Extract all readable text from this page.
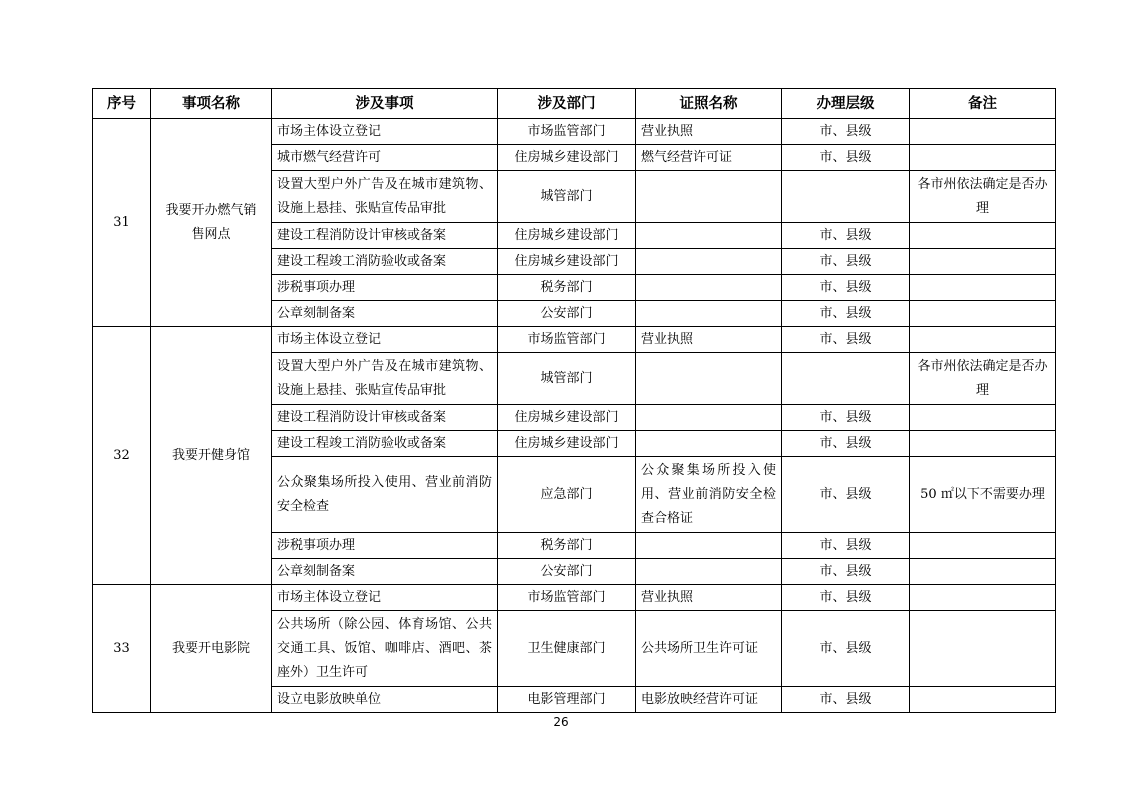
序号	事项名称	涉及事项	涉及部门	证照名称	办理层级	备注
31	我要开办燃气销售网点	市场主体设立登记	市场监管部门	营业执照	市、县级	
		城市燃气经营许可	住房城乡建设部门	燃气经营许可证	市、县级	
		设置大型户外广告及在城市建筑物、设施上悬挂、张贴宣传品审批	城管部门			各市州依法确定是否办理
		建设工程消防设计审核或备案	住房城乡建设部门		市、县级	
		建设工程竣工消防验收或备案	住房城乡建设部门		市、县级	
		涉税事项办理	税务部门		市、县级	
		公章刻制备案	公安部门		市、县级	
32	我要开健身馆	市场主体设立登记	市场监管部门	营业执照	市、县级	
		设置大型户外广告及在城市建筑物、设施上悬挂、张贴宣传品审批	城管部门			各市州依法确定是否办理
		建设工程消防设计审核或备案	住房城乡建设部门		市、县级	
		建设工程竣工消防验收或备案	住房城乡建设部门		市、县级	
		公众聚集场所投入使用、营业前消防安全检查	应急部门	公众聚集场所投入使用、营业前消防安全检查合格证	市、县级	50 ㎡以下不需要办理
		涉税事项办理	税务部门		市、县级	
		公章刻制备案	公安部门		市、县级	
33	我要开电影院	市场主体设立登记	市场监管部门	营业执照	市、县级	
		公共场所（除公园、体育场馆、公共交通工具、饭馆、咖啡店、酒吧、茶座外）卫生许可	卫生健康部门	公共场所卫生许可证	市、县级	
		设立电影放映单位	电影管理部门	电影放映经营许可证	市、县级	
26
